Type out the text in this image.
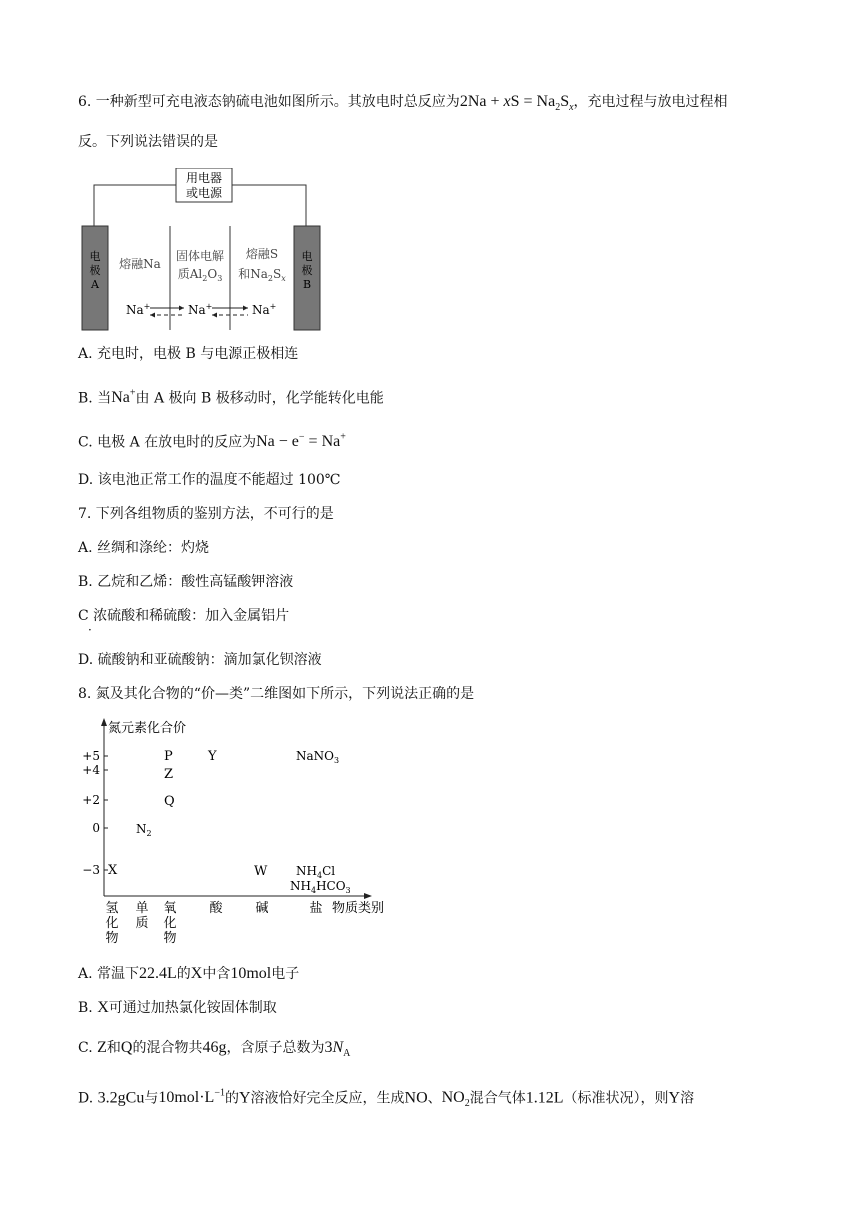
6. 一种新型可充电液态钠硫电池如图所示。其放电时总反应为2Na + xS = $Na_2S_x$，充电过程与放电过程相
反。下列说法错误的是
用电器
或电源
电
极
A
电
极
B
熔融Na
固体电解
质$Al_2O_3$
熔融S
和$Na_2S_x$
Na+	Na+	Na+
A. 充电时，电极 B 与电源正极相连
B. 当Na+由 A 极向 B 极移动时，化学能转化电能
C. 电极 A 在放电时的反应为Na − e− = Na+
D. 该电池正常工作的温度不能超过 100℃
7. 下列各组物质的鉴别方法，不可行的是
A. 丝绸和涤纶：灼烧
B. 乙烷和乙烯：酸性高锰酸钾溶液
C 浓硫酸和稀硫酸：加入金属铝片
·
D. 硫酸钠和亚硫酸钠：滴加氯化钡溶液
8. 氮及其化合物的“价—类”二维图如下所示，下列说法正确的是
氮元素化合价
+5
+4
+2
0
−3
P	Y	NaNO$_3$
Z
Q
$N_2$
X	W $NH_4Cl$
$NH_4HCO_3$
氢
化
物
单
质
氧
化
物
酸	碱	盐 物质类别
A. 常温下22.4L的X中含10mol电子
B. X可通过加热氯化铵固体制取
C. Z和Q的混合物共46g，含原子总数为$3N_A$
D. 3.2gCu与$10mol\cdot L^{-1}$的Y溶液恰好完全反应，生成NO、$NO_2$混合气体1.12L（标准状况），则Y溶
